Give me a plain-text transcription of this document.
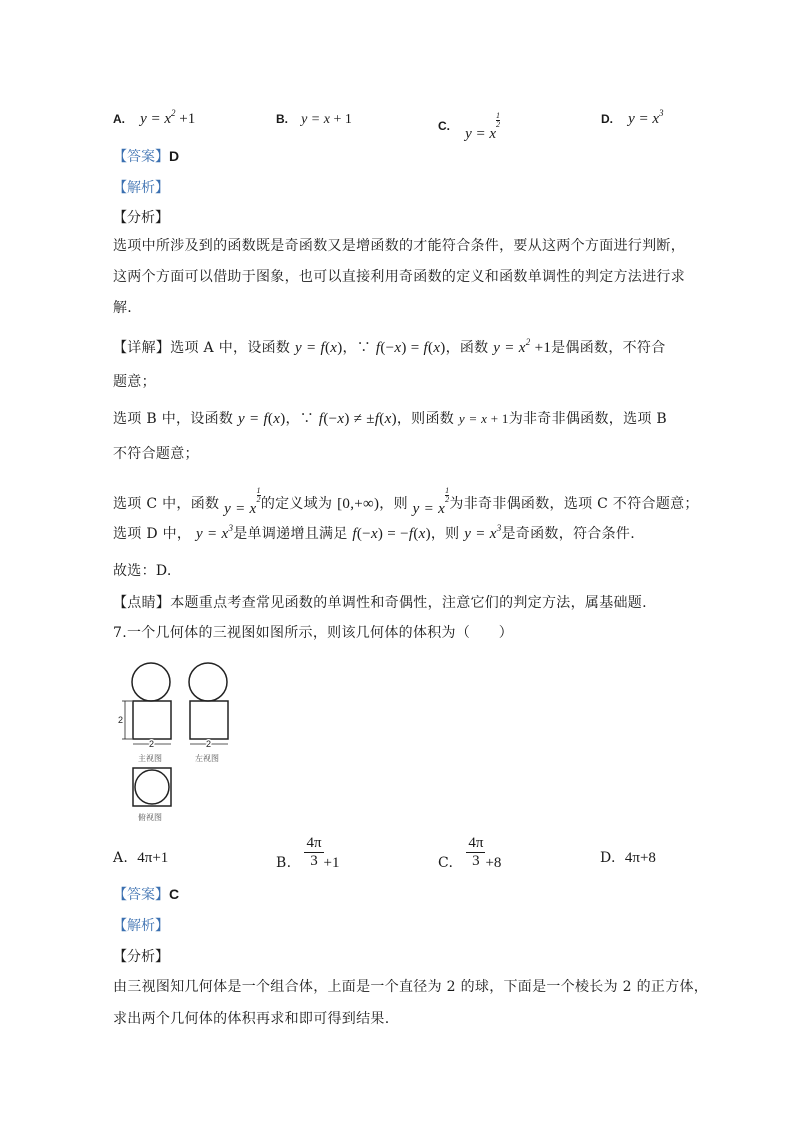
A. $y = x^2 +1$	B. y = x + 1	C. y = x
$\frac{1}{2}$	D. $y = x^3$
【答案】D
【解析】
【分析】
选项中所涉及到的函数既是奇函数又是增函数的才能符合条件，要从这两个方面进行判断，
这两个方面可以借助于图象，也可以直接利用奇函数的定义和函数单调性的判定方法进行求
解.
【详解】选项 A 中，设函数 y = f(x)，∵ f(−x) = f(x)，函数 $y = x^2 +1$是偶函数，不符合
题意；
选项 B 中，设函数 y = f(x)，∵ f(−x) ≠ ±f(x)，则函数 y = x + 1为非奇非偶函数，选项 B
不符合题意；
选项 C 中，函数 y = x
$\frac{1}{2}$ 的定义域为 [0,+∞)，则 y = x
$\frac{1}{2}$ 为非奇非偶函数，选项 C 不符合题意；
选项 D 中， $y = x^3$是单调递增且满足 f(−x) = −f(x)，则 $y = x^3$是奇函数，符合条件.
故选：D.
【点睛】本题重点考查常见函数的单调性和奇偶性，注意它们的判定方法，属基础题.
7.一个几何体的三视图如图所示，则该几何体的体积为（　　）
2
2	2
主视图	左视图
俯视图
A. 4π+1	B. $\frac{4\pi}{3} +1$	C. $\frac{4\pi}{3} +8$	D. 4π+8
【答案】C
【解析】
【分析】
由三视图知几何体是一个组合体，上面是一个直径为 2 的球，下面是一个棱长为 2 的正方体，
求出两个几何体的体积再求和即可得到结果.
